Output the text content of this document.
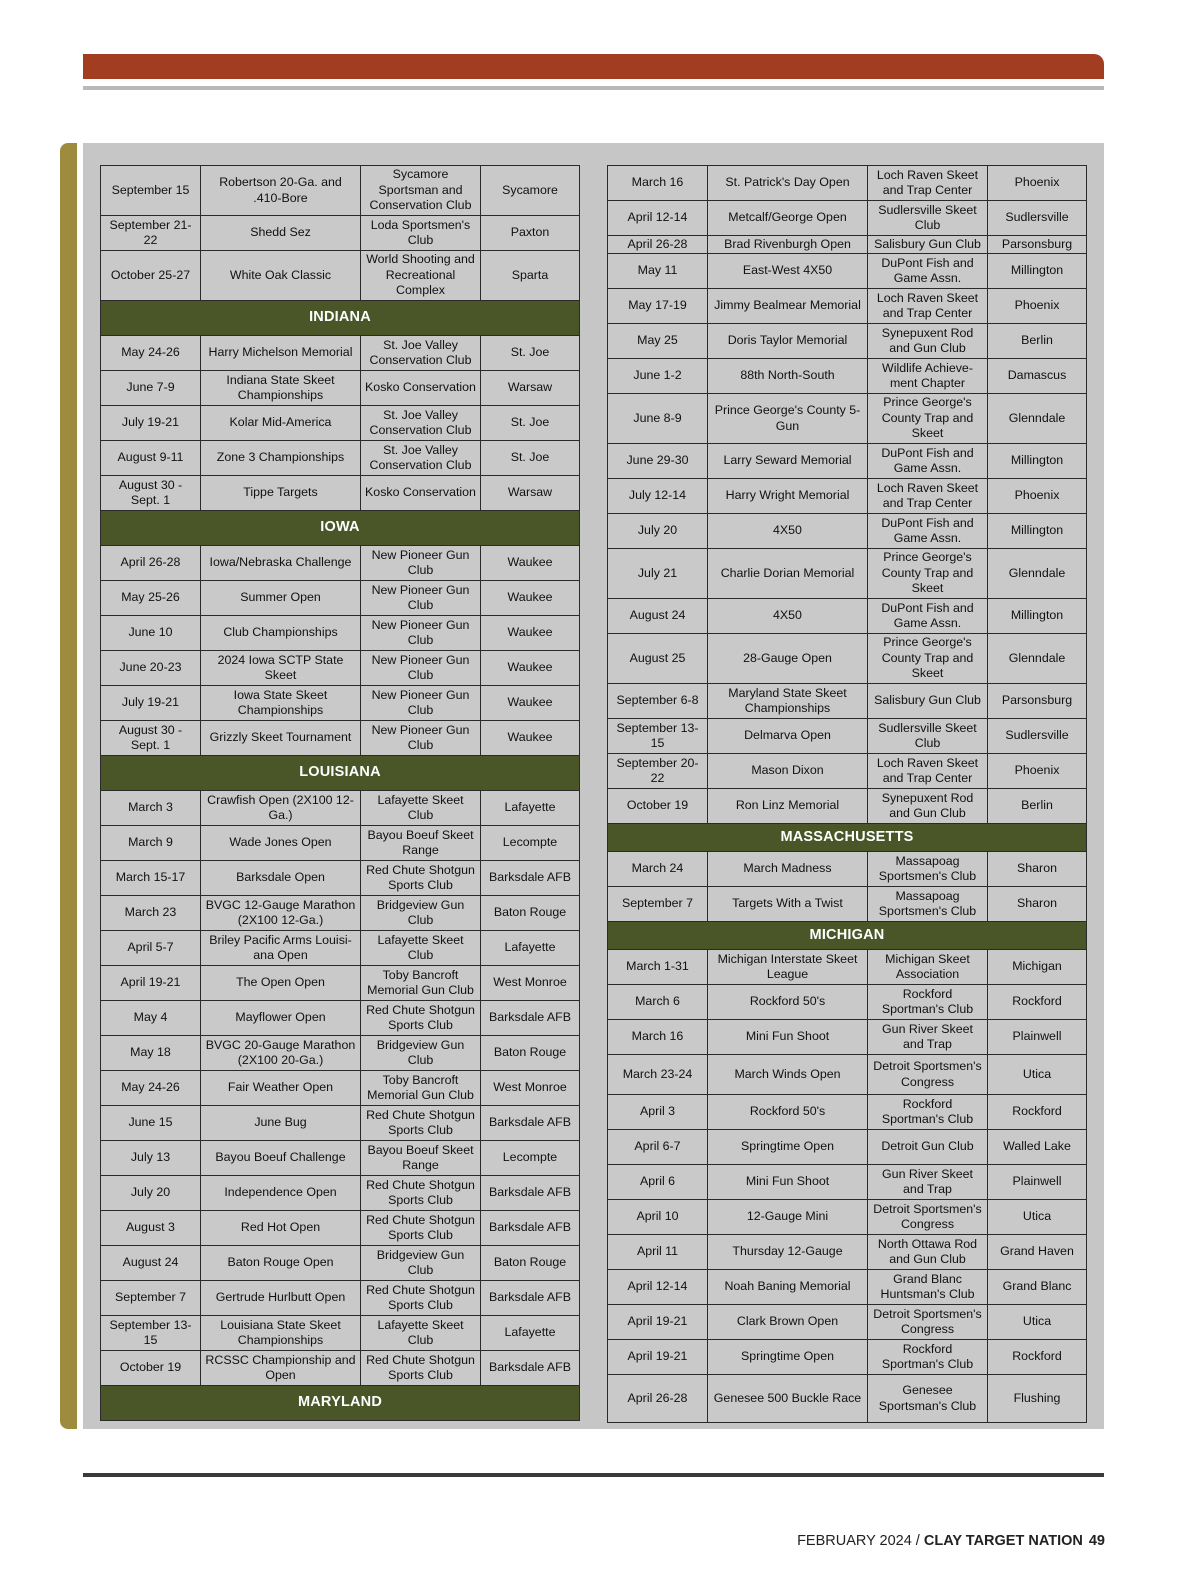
September 15	Robertson 20-Ga. and .410-Bore	Sycamore Sportsman and Conservation Club	Sycamore
September 21-22	Shedd Sez	Loda Sportsmen's Club	Paxton
October 25-27	White Oak Classic	World Shooting and Recreational Complex	Sparta
INDIANA			
May 24-26	Harry Michelson Memorial	St. Joe Valley Conservation Club	St. Joe
June 7-9	Indiana State Skeet Championships	Kosko Conservation	Warsaw
July 19-21	Kolar Mid-America	St. Joe Valley Conservation Club	St. Joe
August 9-11	Zone 3 Championships	St. Joe Valley Conservation Club	St. Joe
August 30 - Sept. 1	Tippe Targets	Kosko Conservation	Warsaw
IOWA			
April 26-28	Iowa/Nebraska Challenge	New Pioneer Gun Club	Waukee
May 25-26	Summer Open	New Pioneer Gun Club	Waukee
June 10	Club Championships	New Pioneer Gun Club	Waukee
June 20-23	2024 Iowa SCTP State Skeet	New Pioneer Gun Club	Waukee
July 19-21	Iowa State Skeet Championships	New Pioneer Gun Club	Waukee
August 30 - Sept. 1	Grizzly Skeet Tournament	New Pioneer Gun Club	Waukee
LOUISIANA			
March 3	Crawfish Open (2X100 12-Ga.)	Lafayette Skeet Club	Lafayette
March 9	Wade Jones Open	Bayou Boeuf Skeet Range	Lecompte
March 15-17	Barksdale Open	Red Chute Shotgun Sports Club	Barksdale AFB
March 23	BVGC 12-Gauge Marathon (2X100 12-Ga.)	Bridgeview Gun Club	Baton Rouge
April 5-7	Briley Pacific Arms Louisi-ana Open	Lafayette Skeet Club	Lafayette
April 19-21	The Open Open	Toby Bancroft Memorial Gun Club	West Monroe
May 4	Mayflower Open	Red Chute Shotgun Sports Club	Barksdale AFB
May 18	BVGC 20-Gauge Marathon (2X100 20-Ga.)	Bridgeview Gun Club	Baton Rouge
May 24-26	Fair Weather Open	Toby Bancroft Memorial Gun Club	West Monroe
June 15	June Bug	Red Chute Shotgun Sports Club	Barksdale AFB
July 13	Bayou Boeuf Challenge	Bayou Boeuf Skeet Range	Lecompte
July 20	Independence Open	Red Chute Shotgun Sports Club	Barksdale AFB
August 3	Red Hot Open	Red Chute Shotgun Sports Club	Barksdale AFB
August 24	Baton Rouge Open	Bridgeview Gun Club	Baton Rouge
September 7	Gertrude Hurlbutt Open	Red Chute Shotgun Sports Club	Barksdale AFB
September 13-15	Louisiana State Skeet Championships	Lafayette Skeet Club	Lafayette
October 19	RCSSC Championship and Open	Red Chute Shotgun Sports Club	Barksdale AFB
MARYLAND			
March 16	St. Patrick's Day Open	Loch Raven Skeet and Trap Center	Phoenix
April 12-14	Metcalf/George Open	Sudlersville Skeet Club	Sudlersville
April 26-28	Brad Rivenburgh Open	Salisbury Gun Club	Parsonsburg
May 11	East-West 4X50	DuPont Fish and Game Assn.	Millington
May 17-19	Jimmy Bealmear Memorial	Loch Raven Skeet and Trap Center	Phoenix
May 25	Doris Taylor Memorial	Synepuxent Rod and Gun Club	Berlin
June 1-2	88th North-South	Wildlife Achieve-ment Chapter	Damascus
June 8-9	Prince George's County 5-Gun	Prince George's County Trap and Skeet	Glenndale
June 29-30	Larry Seward Memorial	DuPont Fish and Game Assn.	Millington
July 12-14	Harry Wright Memorial	Loch Raven Skeet and Trap Center	Phoenix
July 20	4X50	DuPont Fish and Game Assn.	Millington
July 21	Charlie Dorian Memorial	Prince George's County Trap and Skeet	Glenndale
August 24	4X50	DuPont Fish and Game Assn.	Millington
August 25	28-Gauge Open	Prince George's County Trap and Skeet	Glenndale
September 6-8	Maryland State Skeet Championships	Salisbury Gun Club	Parsonsburg
September 13-15	Delmarva Open	Sudlersville Skeet Club	Sudlersville
September 20-22	Mason Dixon	Loch Raven Skeet and Trap Center	Phoenix
October 19	Ron Linz Memorial	Synepuxent Rod and Gun Club	Berlin
MASSACHUSETTS			
March 24	March Madness	Massapoag Sportsmen's Club	Sharon
September 7	Targets With a Twist	Massapoag Sportsmen's Club	Sharon
MICHIGAN			
March 1-31	Michigan Interstate Skeet League	Michigan Skeet Association	Michigan
March 6	Rockford 50's	Rockford Sportman's Club	Rockford
March 16	Mini Fun Shoot	Gun River Skeet and Trap	Plainwell
March 23-24	March Winds Open	Detroit Sportsmen's Congress	Utica
April 3	Rockford 50's	Rockford Sportman's Club	Rockford
April 6-7	Springtime Open	Detroit Gun Club	Walled Lake
April 6	Mini Fun Shoot	Gun River Skeet and Trap	Plainwell
April 10	12-Gauge Mini	Detroit Sportsmen's Congress	Utica
April 11	Thursday 12-Gauge	North Ottawa Rod and Gun Club	Grand Haven
April 12-14	Noah Baning Memorial	Grand Blanc Huntsman's Club	Grand Blanc
April 19-21	Clark Brown Open	Detroit Sportsmen's Congress	Utica
April 19-21	Springtime Open	Rockford Sportman's Club	Rockford
April 26-28	Genesee 500 Buckle Race	Genesee Sportsman's Club	Flushing
FEBRUARY 2024 / CLAY TARGET NATION 49
